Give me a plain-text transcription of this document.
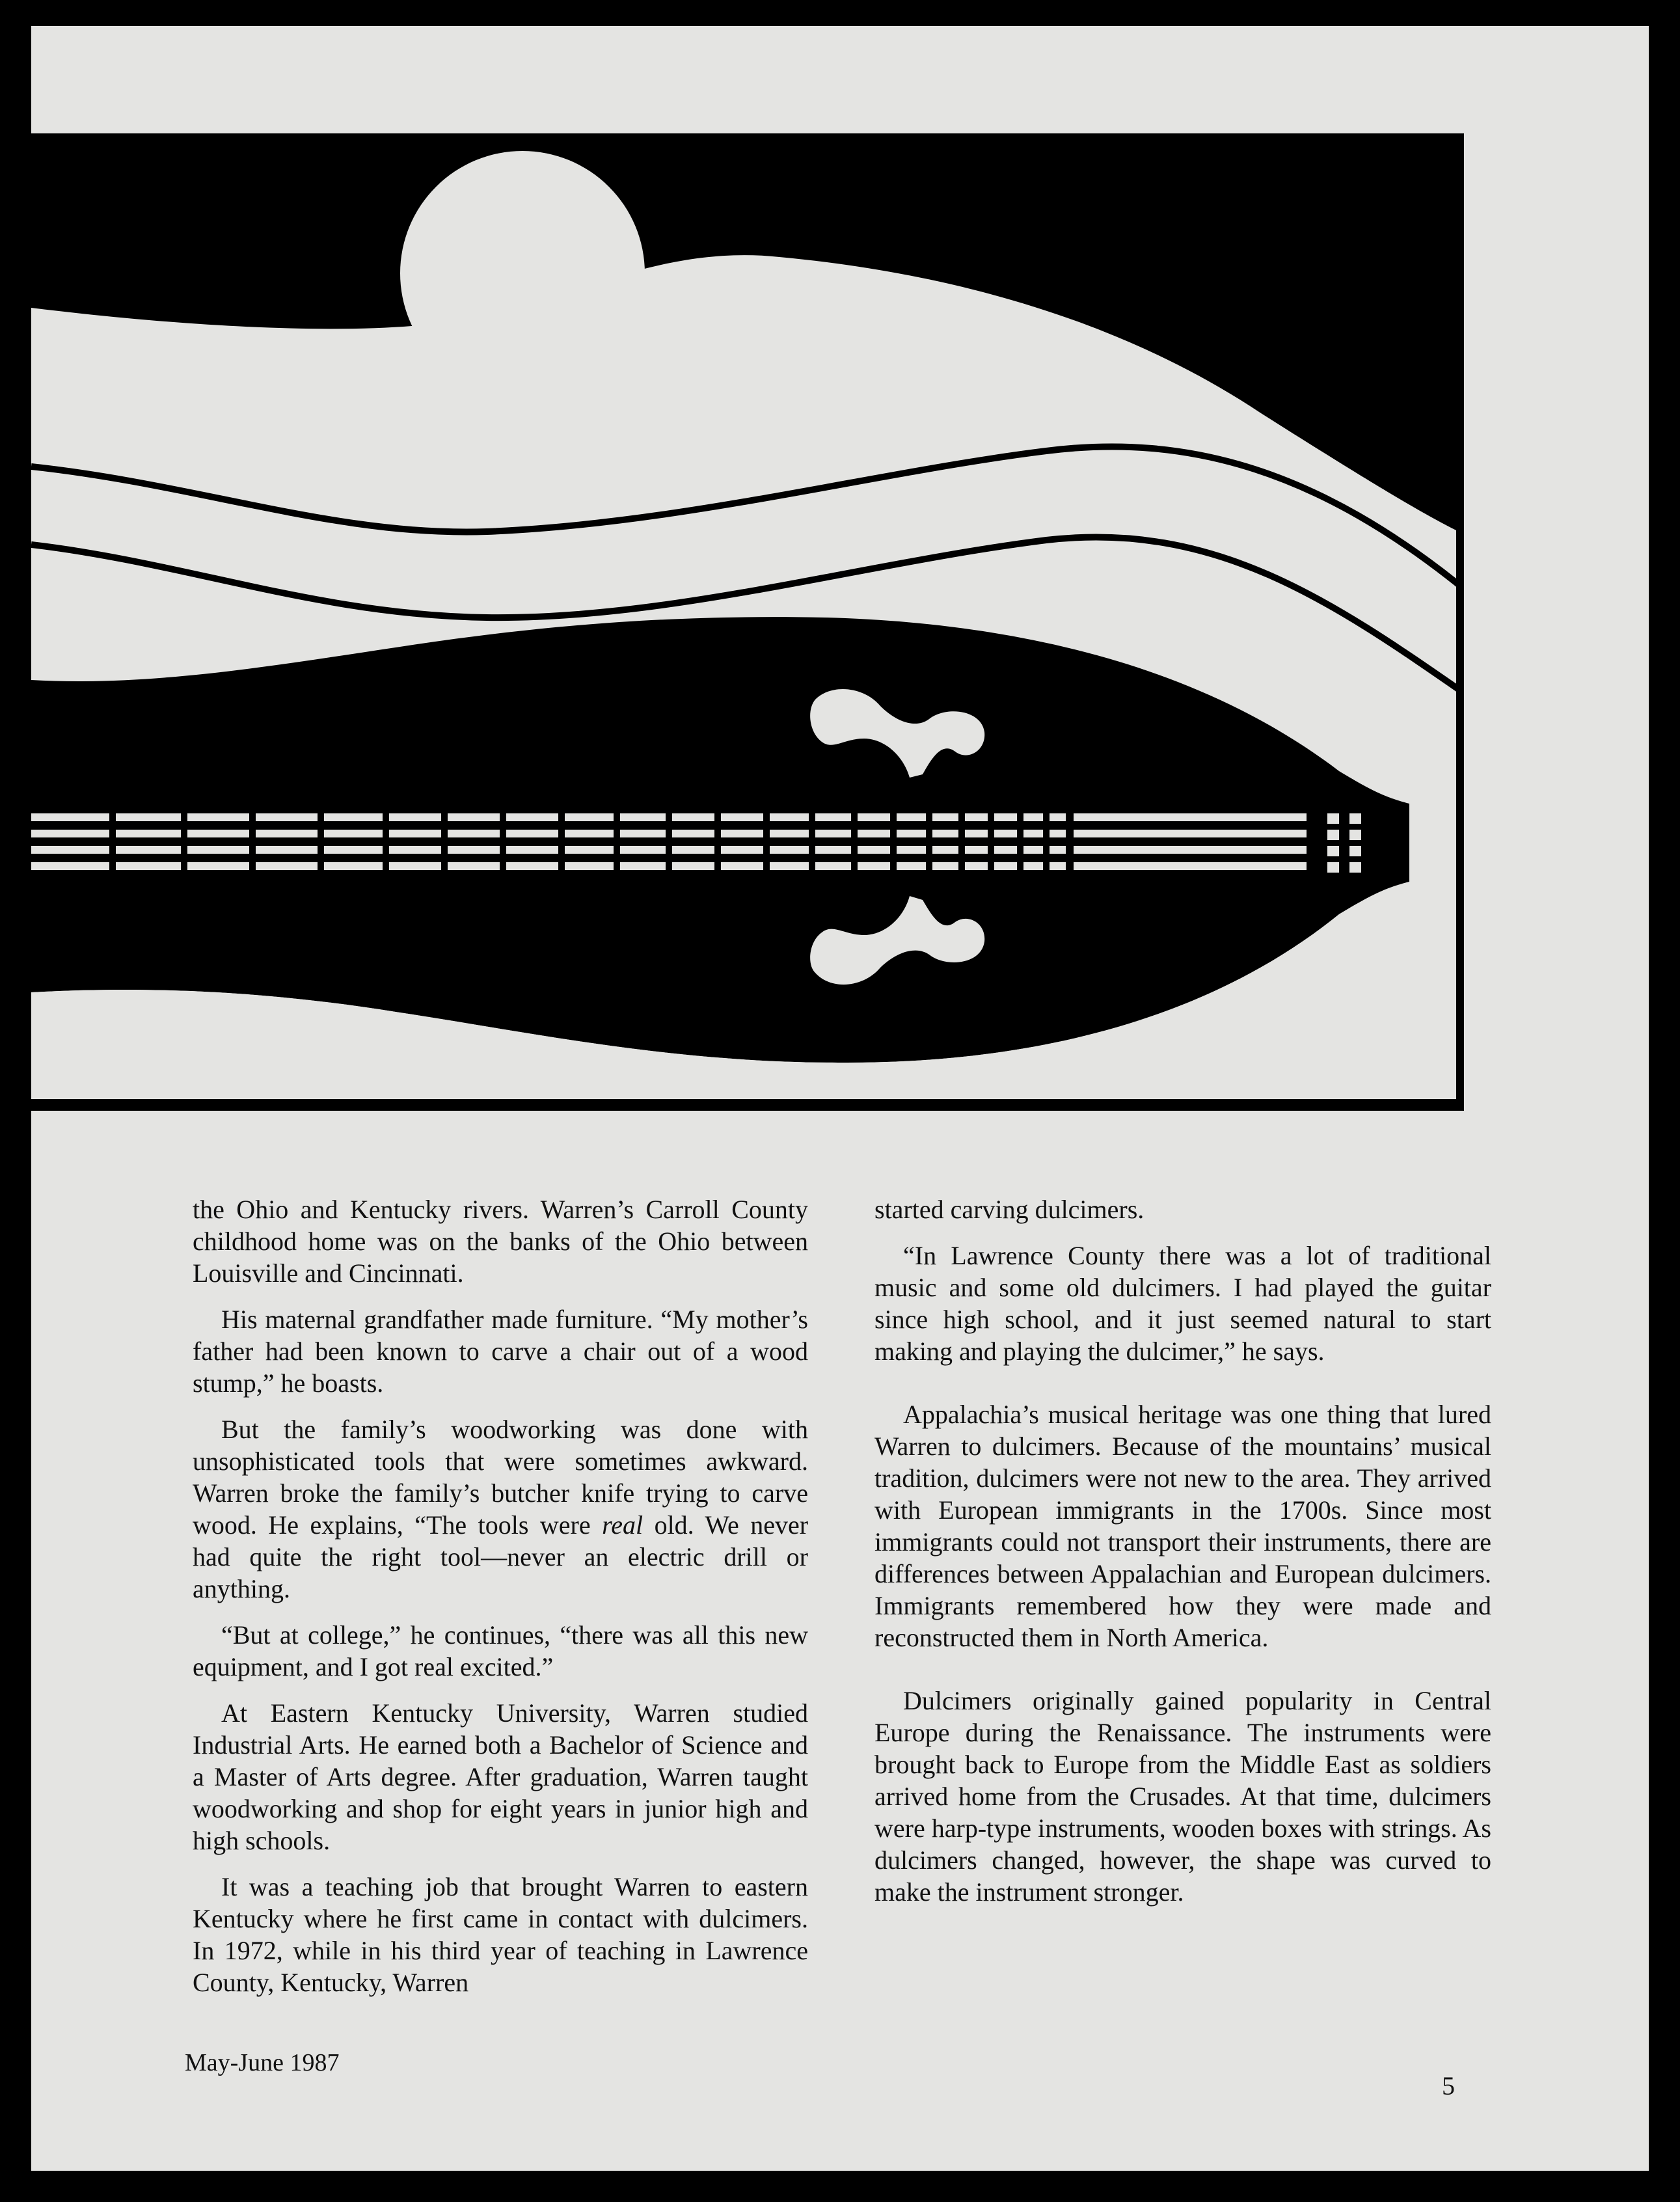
TAIN DULCIMERS

the Ohio and Kentucky rivers. Warren’s Carroll County childhood home was on the banks of the Ohio between Louisville and Cincinnati.

His maternal grandfather made furniture. “My mother’s father had been known to carve a chair out of a wood stump,” he boasts.

But the family’s woodworking was done with unsophisticated tools that were sometimes awkward. Warren broke the family’s butcher knife trying to carve wood. He explains, “The tools were real old. We never had quite the right tool—never an electric drill or anything.

“But at college,” he continues, “there was all this new equipment, and I got real excited.”

At Eastern Kentucky University, Warren studied Industrial Arts. He earned both a Bachelor of Science and a Master of Arts degree. After graduation, Warren taught woodworking and shop for eight years in junior high and high schools.

It was a teaching job that brought Warren to eastern Kentucky where he first came in contact with dulcimers. In 1972, while in his third year of teaching in Lawrence County, Kentucky, Warren

started carving dulcimers.

“In Lawrence County there was a lot of traditional music and some old dulcimers. I had played the guitar since high school, and it just seemed natural to start making and playing the dulcimer,” he says.

Appalachia’s musical heritage was one thing that lured Warren to dulcimers. Because of the mountains’ musical tradition, dulcimers were not new to the area. They arrived with European immigrants in the 1700s. Since most immigrants could not transport their instruments, there are differences between Appalachian and European dulcimers. Immigrants remembered how they were made and reconstructed them in North America.

Dulcimers originally gained popularity in Central Europe during the Renaissance. The instruments were brought back to Europe from the Middle East as soldiers arrived home from the Crusades. At that time, dulcimers were harp-type instruments, wooden boxes with strings. As dulcimers changed, however, the shape was curved to make the instrument stronger.

May-June 1987
5
